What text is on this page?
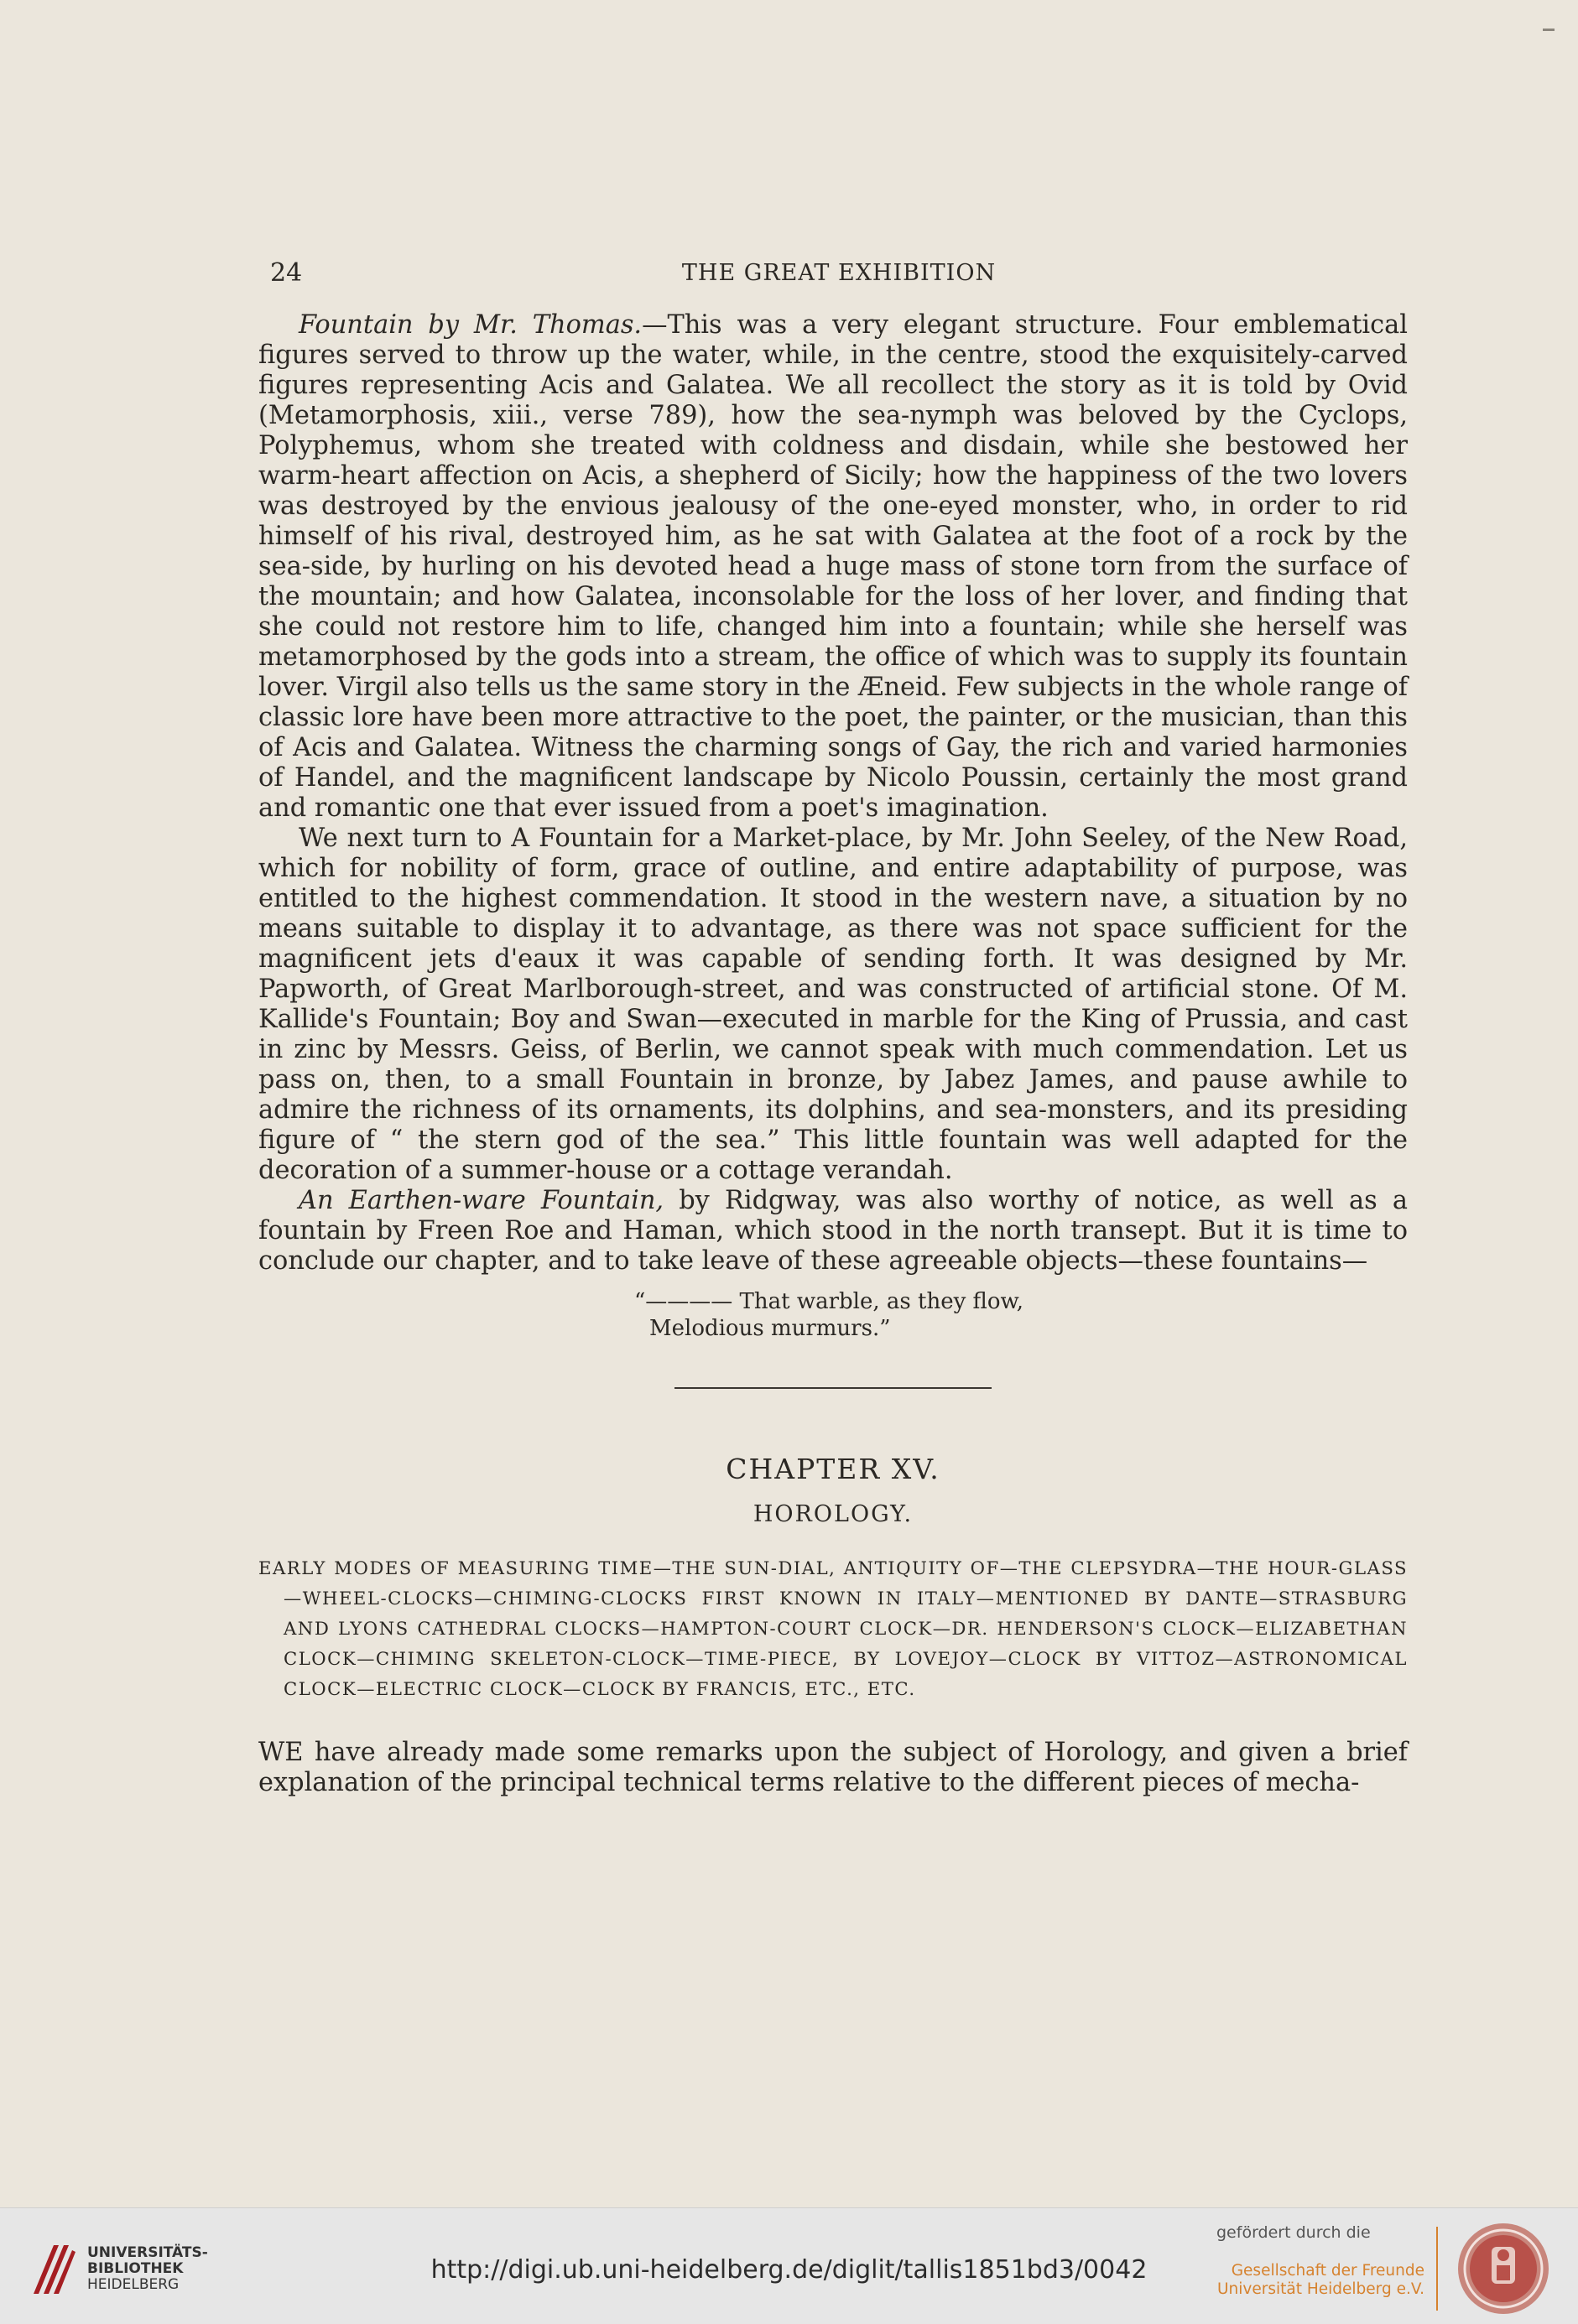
24	THE GREAT EXHIBITION

Fountain by Mr. Thomas.—This was a very elegant structure. Four emblematical figures served to throw up the water, while, in the centre, stood the exquisitely-carved figures representing Acis and Galatea. We all recollect the story as it is told by Ovid (Metamorphosis, xiii., verse 789), how the sea-nymph was beloved by the Cyclops, Polyphemus, whom she treated with coldness and disdain, while she bestowed her warm-heart affection on Acis, a shepherd of Sicily; how the happiness of the two lovers was destroyed by the envious jealousy of the one-eyed monster, who, in order to rid himself of his rival, destroyed him, as he sat with Galatea at the foot of a rock by the sea-side, by hurling on his devoted head a huge mass of stone torn from the surface of the mountain; and how Galatea, inconsolable for the loss of her lover, and finding that she could not restore him to life, changed him into a fountain; while she herself was metamorphosed by the gods into a stream, the office of which was to supply its fountain lover. Virgil also tells us the same story in the Æneid. Few subjects in the whole range of classic lore have been more attractive to the poet, the painter, or the musician, than this of Acis and Galatea. Witness the charming songs of Gay, the rich and varied harmonies of Handel, and the magnificent landscape by Nicolo Poussin, certainly the most grand and romantic one that ever issued from a poet's imagination.

We next turn to A Fountain for a Market-place, by Mr. John Seeley, of the New Road, which for nobility of form, grace of outline, and entire adaptability of purpose, was entitled to the highest commendation. It stood in the western nave, a situation by no means suitable to display it to advantage, as there was not space sufficient for the magnificent jets d'eaux it was capable of sending forth. It was designed by Mr. Papworth, of Great Marlborough-street, and was constructed of artificial stone. Of M. Kallide's Fountain; Boy and Swan—executed in marble for the King of Prussia, and cast in zinc by Messrs. Geiss, of Berlin, we cannot speak with much commendation. Let us pass on, then, to a small Fountain in bronze, by Jabez James, and pause awhile to admire the richness of its ornaments, its dolphins, and sea-monsters, and its presiding figure of “ the stern god of the sea.” This little fountain was well adapted for the decoration of a summer-house or a cottage verandah.

An Earthen-ware Fountain, by Ridgway, was also worthy of notice, as well as a fountain by Freen Roe and Haman, which stood in the north transept. But it is time to conclude our chapter, and to take leave of these agreeable objects—these fountains—

“———— That warble, as they flow,
Melodious murmurs.”
CHAPTER XV.
HOROLOGY.
EARLY MODES OF MEASURING TIME—THE SUN-DIAL, ANTIQUITY OF—THE CLEPSYDRA—THE HOUR-GLASS—WHEEL-CLOCKS—CHIMING-CLOCKS FIRST KNOWN IN ITALY—MENTIONED BY DANTE—STRASBURG AND LYONS CATHEDRAL CLOCKS—HAMPTON-COURT CLOCK—DR. HENDERSON'S CLOCK—ELIZABETHAN CLOCK—CHIMING SKELETON-CLOCK—TIME-PIECE, BY LOVEJOY—CLOCK BY VITTOZ—ASTRONOMICAL CLOCK—ELECTRIC CLOCK—CLOCK BY FRANCIS, ETC., ETC.

WE have already made some remarks upon the subject of Horology, and given a brief explanation of the principal technical terms relative to the different pieces of mecha-

UNIVERSITÄTS-
BIBLIOTHEK
HEIDELBERG	http://digi.ub.uni-heidelberg.de/diglit/tallis1851bd3/0042
gefördert durch die
Gesellschaft der Freunde
Universität Heidelberg e.V.
